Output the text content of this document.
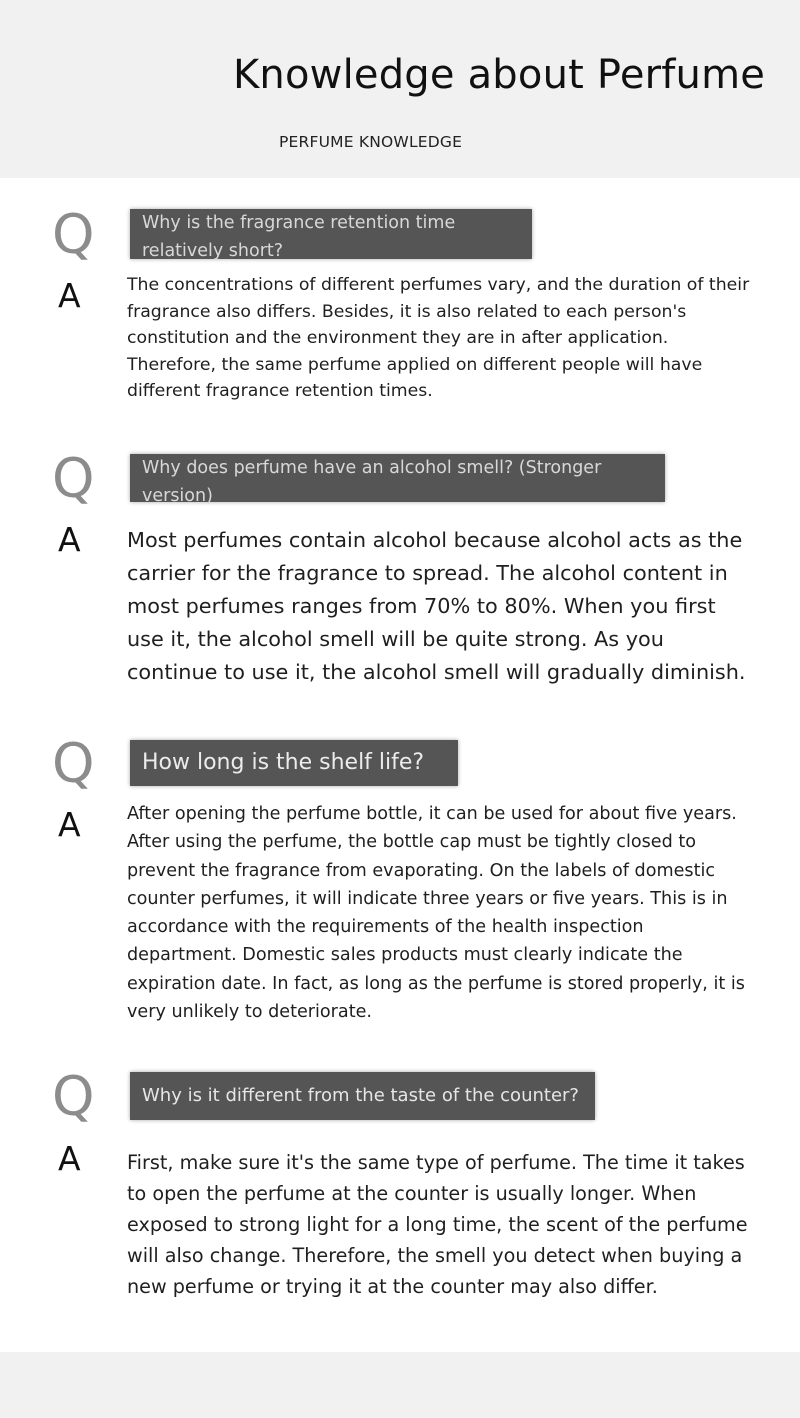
Knowledge about Perfume
PERFUME KNOWLEDGE
Q	Why is the fragrance retention time relatively short?
A	The concentrations of different perfumes vary, and the duration of their fragrance also differs. Besides, it is also related to each person's constitution and the environment they are in after application. Therefore, the same perfume applied on different people will have different fragrance retention times.
Q	Why does perfume have an alcohol smell? (Stronger version)
A Most perfumes contain alcohol because alcohol acts as the carrier for the fragrance to spread. The alcohol content in most perfumes ranges from 70% to 80%. When you first use it, the alcohol smell will be quite strong. As you continue to use it, the alcohol smell will gradually diminish.
Q	How long is the shelf life?
A	After opening the perfume bottle, it can be used for about five years. After using the perfume, the bottle cap must be tightly closed to prevent the fragrance from evaporating. On the labels of domestic counter perfumes, it will indicate three years or five years. This is in accordance with the requirements of the health inspection department. Domestic sales products must clearly indicate the expiration date. In fact, as long as the perfume is stored properly, it is very unlikely to deteriorate.
Q	Why is it different from the taste of the counter?
A First, make sure it's the same type of perfume. The time it takes to open the perfume at the counter is usually longer. When exposed to strong light for a long time, the scent of the perfume will also change. Therefore, the smell you detect when buying a new perfume or trying it at the counter may also differ.
